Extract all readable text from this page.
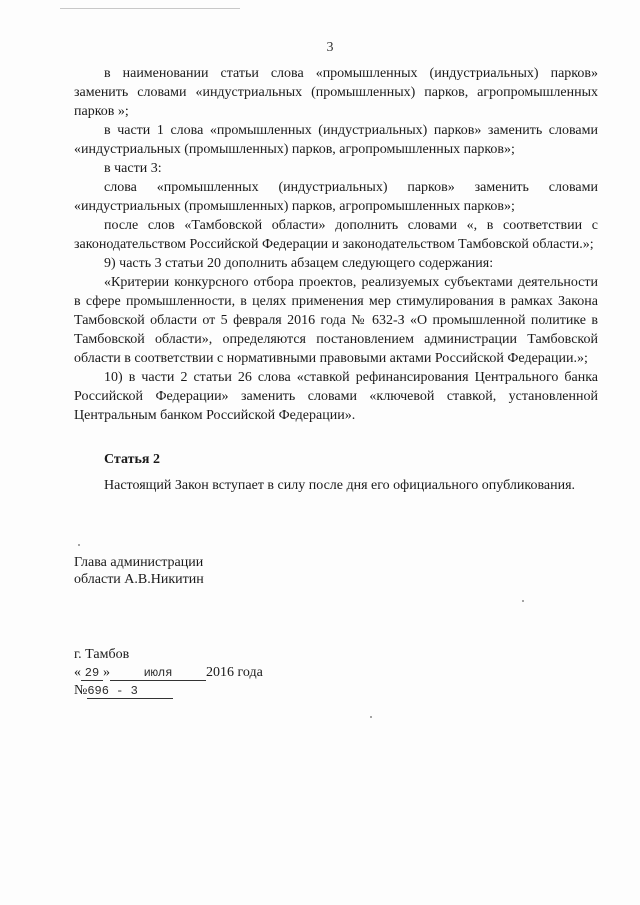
3

в наименовании статьи слова «промышленных (индустриальных) парков» заменить словами «индустриальных (промышленных) парков, агропромышленных парков »;

в части 1 слова «промышленных (индустриальных) парков» заменить словами «индустриальных (промышленных) парков, агропромышленных парков»;

в части 3:

слова «промышленных (индустриальных) парков» заменить словами «индустриальных (промышленных) парков, агропромышленных парков»;

после слов «Тамбовской области» дополнить словами «, в соответствии с законодательством Российской Федерации и законодательством Тамбовской области.»;

9) часть 3 статьи 20 дополнить абзацем следующего содержания:

«Критерии конкурсного отбора проектов, реализуемых субъектами деятельности в сфере промышленности, в целях применения мер стимулирования в рамках Закона Тамбовской области от 5 февраля 2016 года № 632-З «О промышленной политике в Тамбовской области», определяются постановлением администрации Тамбовской области в соответствии с нормативными правовыми актами Российской Федерации.»;

10) в части 2 статьи 26 слова «ставкой рефинансирования Центрального банка Российской Федерации» заменить словами «ключевой ставкой, установленной Центральным банком Российской Федерации».

Статья 2
Настоящий Закон вступает в силу после дня его официального опубликования.
Глава администрации
области А.В.Никитин
г. Тамбов
« 29 »	июля 2016 года
№696 - 3
